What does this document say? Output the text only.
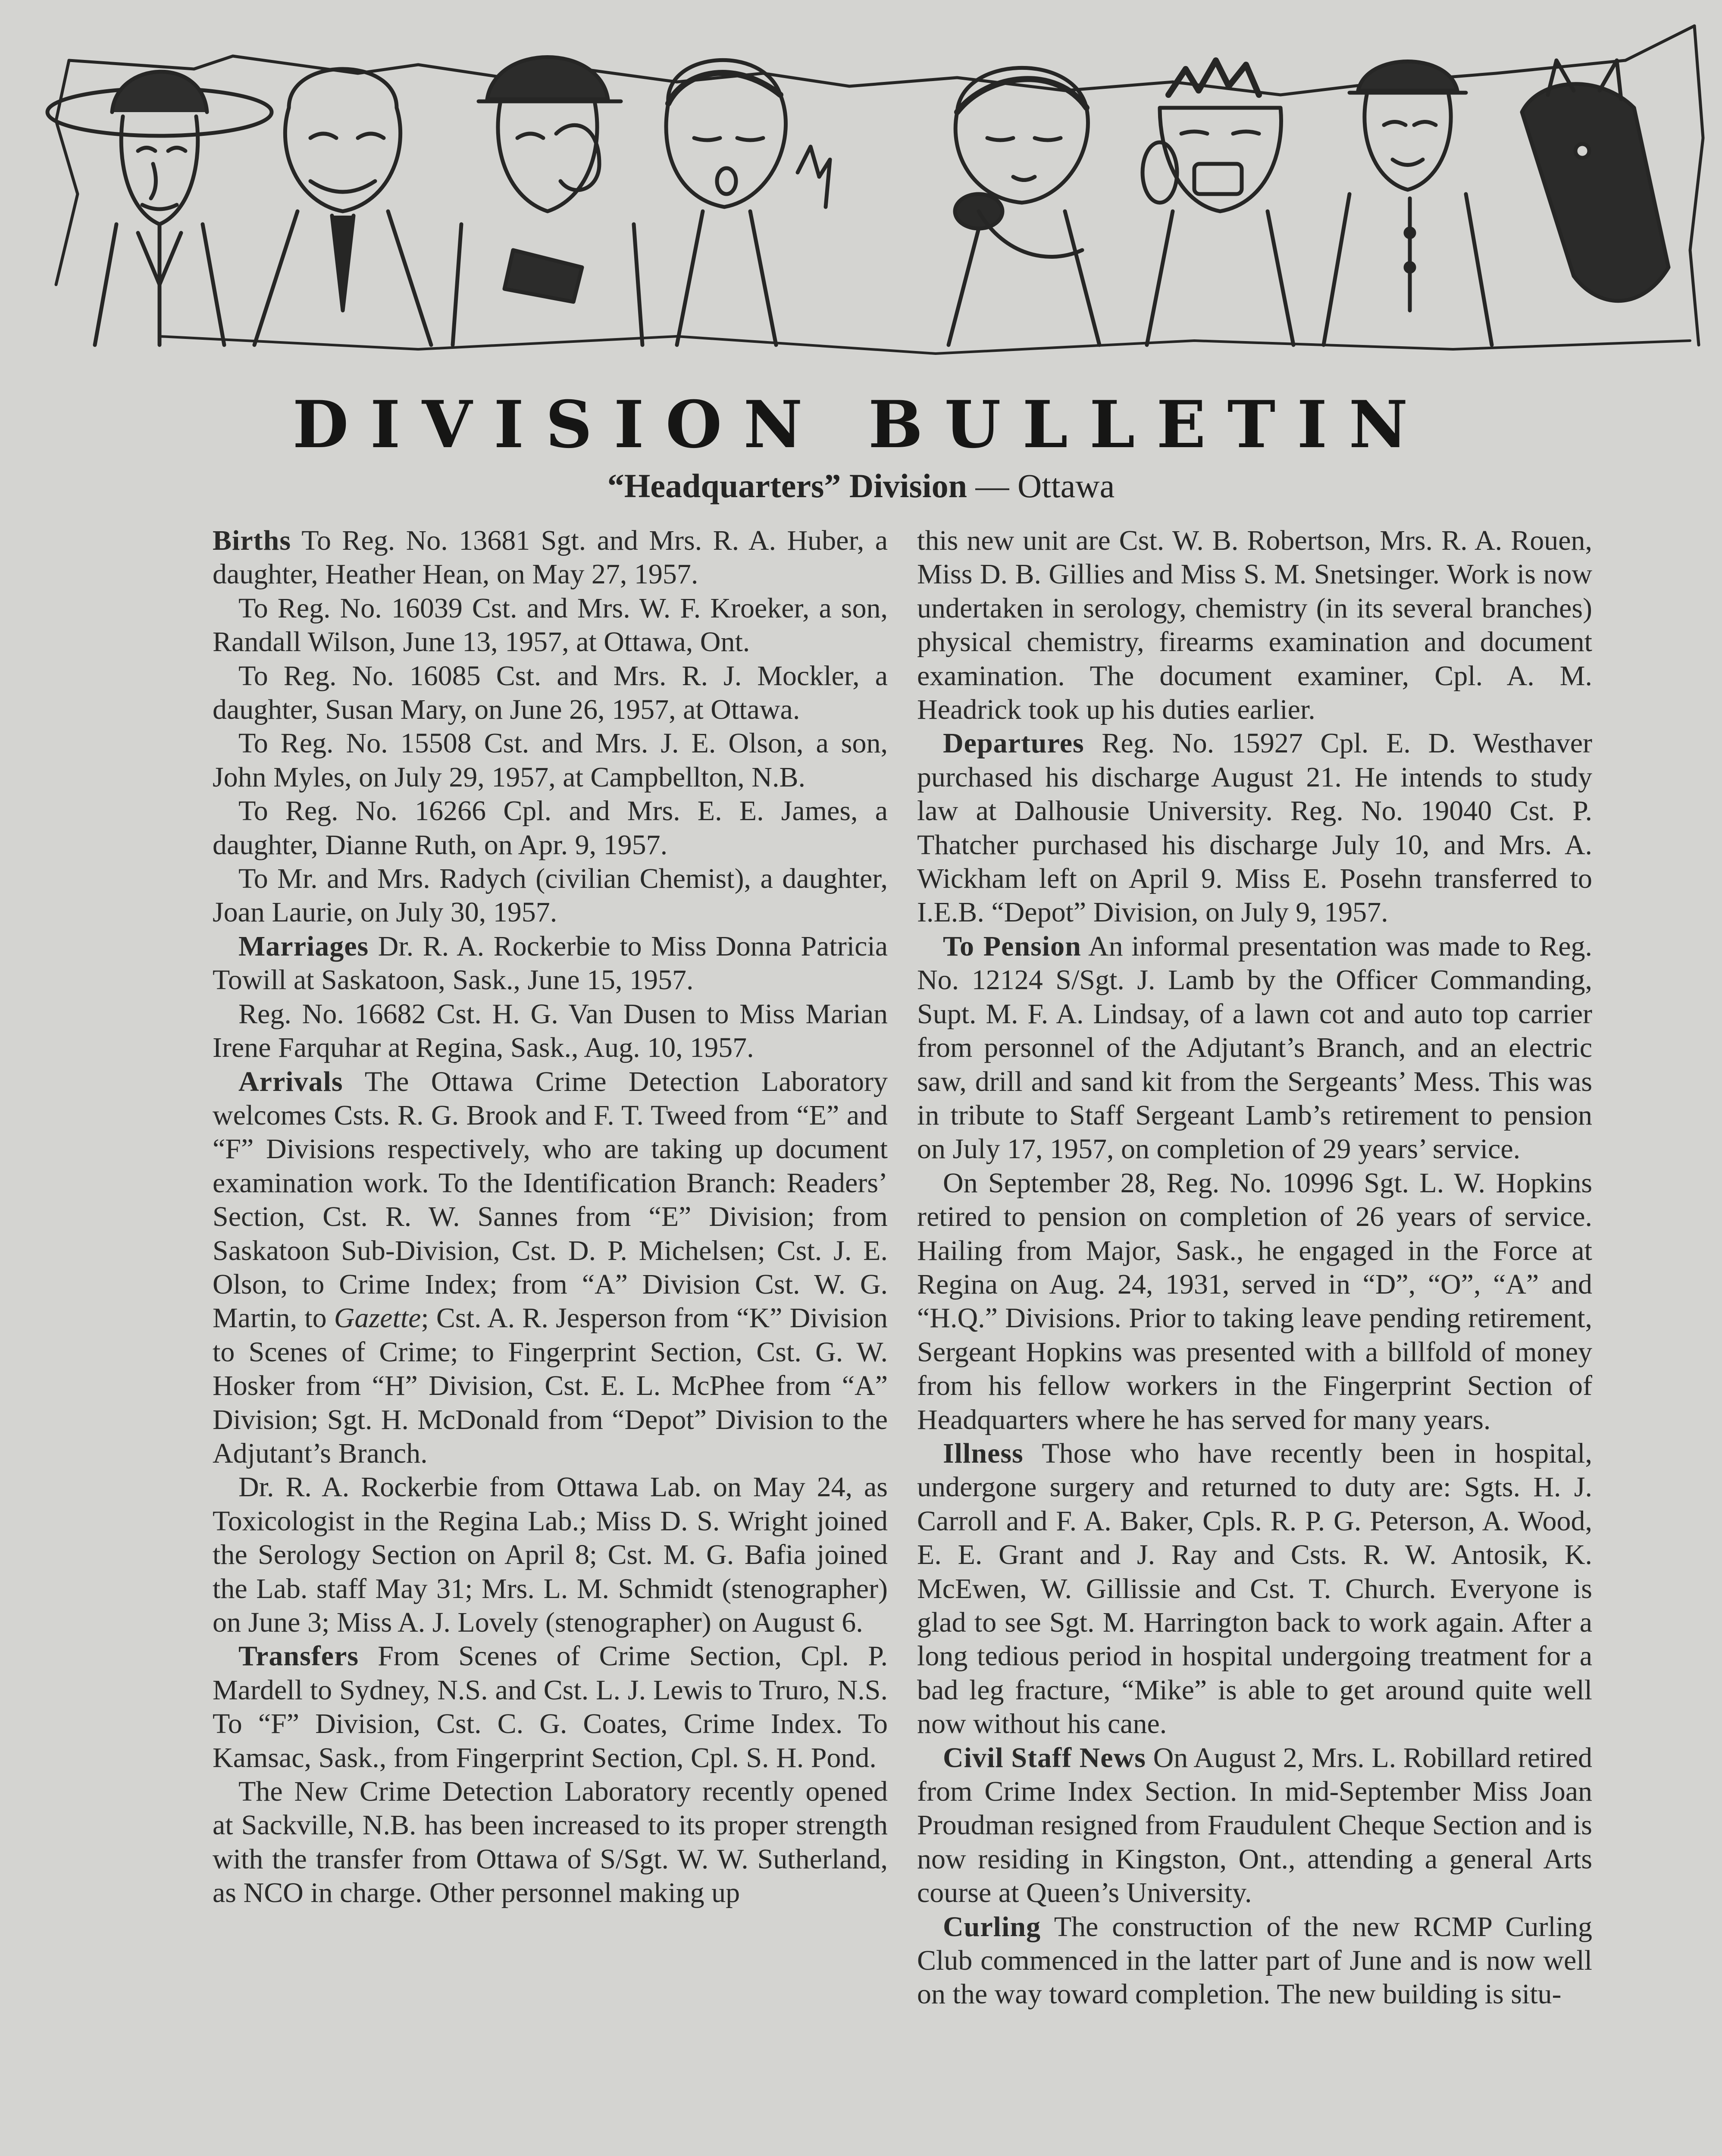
DIVISION BULLETIN
“Headquarters” Division — Ottawa

Births To Reg. No. 13681 Sgt. and Mrs. R. A. Huber, a daughter, Heather Hean, on May 27, 1957.

To Reg. No. 16039 Cst. and Mrs. W. F. Kroeker, a son, Randall Wilson, June 13, 1957, at Ottawa, Ont.

To Reg. No. 16085 Cst. and Mrs. R. J. Mockler, a daughter, Susan Mary, on June 26, 1957, at Ottawa.

To Reg. No. 15508 Cst. and Mrs. J. E. Olson, a son, John Myles, on July 29, 1957, at Campbellton, N.B.

To Reg. No. 16266 Cpl. and Mrs. E. E. James, a daughter, Dianne Ruth, on Apr. 9, 1957.

To Mr. and Mrs. Radych (civilian Chemist), a daughter, Joan Laurie, on July 30, 1957.

Marriages Dr. R. A. Rockerbie to Miss Donna Patricia Towill at Saskatoon, Sask., June 15, 1957.

Reg. No. 16682 Cst. H. G. Van Dusen to Miss Marian Irene Farquhar at Regina, Sask., Aug. 10, 1957.

Arrivals The Ottawa Crime Detection Laboratory welcomes Csts. R. G. Brook and F. T. Tweed from “E” and “F” Divisions respectively, who are taking up document examination work. To the Identification Branch: Readers’ Section, Cst. R. W. Sannes from “E” Division; from Saskatoon Sub-Division, Cst. D. P. Michelsen; Cst. J. E. Olson, to Crime Index; from “A” Division Cst. W. G. Martin, to Gazette; Cst. A. R. Jesperson from “K” Division to Scenes of Crime; to Fingerprint Section, Cst. G. W. Hosker from “H” Division, Cst. E. L. McPhee from “A” Division; Sgt. H. McDonald from “Depot” Division to the Adjutant’s Branch.

Dr. R. A. Rockerbie from Ottawa Lab. on May 24, as Toxicologist in the Regina Lab.; Miss D. S. Wright joined the Serology Section on April 8; Cst. M. G. Bafia joined the Lab. staff May 31; Mrs. L. M. Schmidt (stenographer) on June 3; Miss A. J. Lovely (stenographer) on August 6.

Transfers From Scenes of Crime Section, Cpl. P. Mardell to Sydney, N.S. and Cst. L. J. Lewis to Truro, N.S. To “F” Division, Cst. C. G. Coates, Crime Index. To Kamsac, Sask., from Fingerprint Section, Cpl. S. H. Pond.

The New Crime Detection Laboratory recently opened at Sackville, N.B. has been increased to its proper strength with the transfer from Ottawa of S/Sgt. W. W. Sutherland, as NCO in charge. Other personnel making up

this new unit are Cst. W. B. Robertson, Mrs. R. A. Rouen, Miss D. B. Gillies and Miss S. M. Snetsinger. Work is now undertaken in serology, chemistry (in its several branches) physical chemistry, firearms examination and document examination. The document examiner, Cpl. A. M. Headrick took up his duties earlier.

Departures Reg. No. 15927 Cpl. E. D. Westhaver purchased his discharge August 21. He intends to study law at Dalhousie University. Reg. No. 19040 Cst. P. Thatcher purchased his discharge July 10, and Mrs. A. Wickham left on April 9. Miss E. Posehn transferred to I.E.B. “Depot” Division, on July 9, 1957.

To Pension An informal presentation was made to Reg. No. 12124 S/Sgt. J. Lamb by the Officer Commanding, Supt. M. F. A. Lindsay, of a lawn cot and auto top carrier from personnel of the Adjutant’s Branch, and an electric saw, drill and sand kit from the Sergeants’ Mess. This was in tribute to Staff Sergeant Lamb’s retirement to pension on July 17, 1957, on completion of 29 years’ service.

On September 28, Reg. No. 10996 Sgt. L. W. Hopkins retired to pension on completion of 26 years of service. Hailing from Major, Sask., he engaged in the Force at Regina on Aug. 24, 1931, served in “D”, “O”, “A” and “H.Q.” Divisions. Prior to taking leave pending retirement, Sergeant Hopkins was presented with a billfold of money from his fellow workers in the Fingerprint Section of Headquarters where he has served for many years.

Illness Those who have recently been in hospital, undergone surgery and returned to duty are: Sgts. H. J. Carroll and F. A. Baker, Cpls. R. P. G. Peterson, A. Wood, E. E. Grant and J. Ray and Csts. R. W. Antosik, K. McEwen, W. Gillissie and Cst. T. Church. Everyone is glad to see Sgt. M. Harrington back to work again. After a long tedious period in hospital undergoing treatment for a bad leg fracture, “Mike” is able to get around quite well now without his cane.

Civil Staff News On August 2, Mrs. L. Robillard retired from Crime Index Section. In mid-September Miss Joan Proudman resigned from Fraudulent Cheque Section and is now residing in Kingston, Ont., attending a general Arts course at Queen’s University.

Curling The construction of the new RCMP Curling Club commenced in the latter part of June and is now well on the way toward completion. The new building is situ-
